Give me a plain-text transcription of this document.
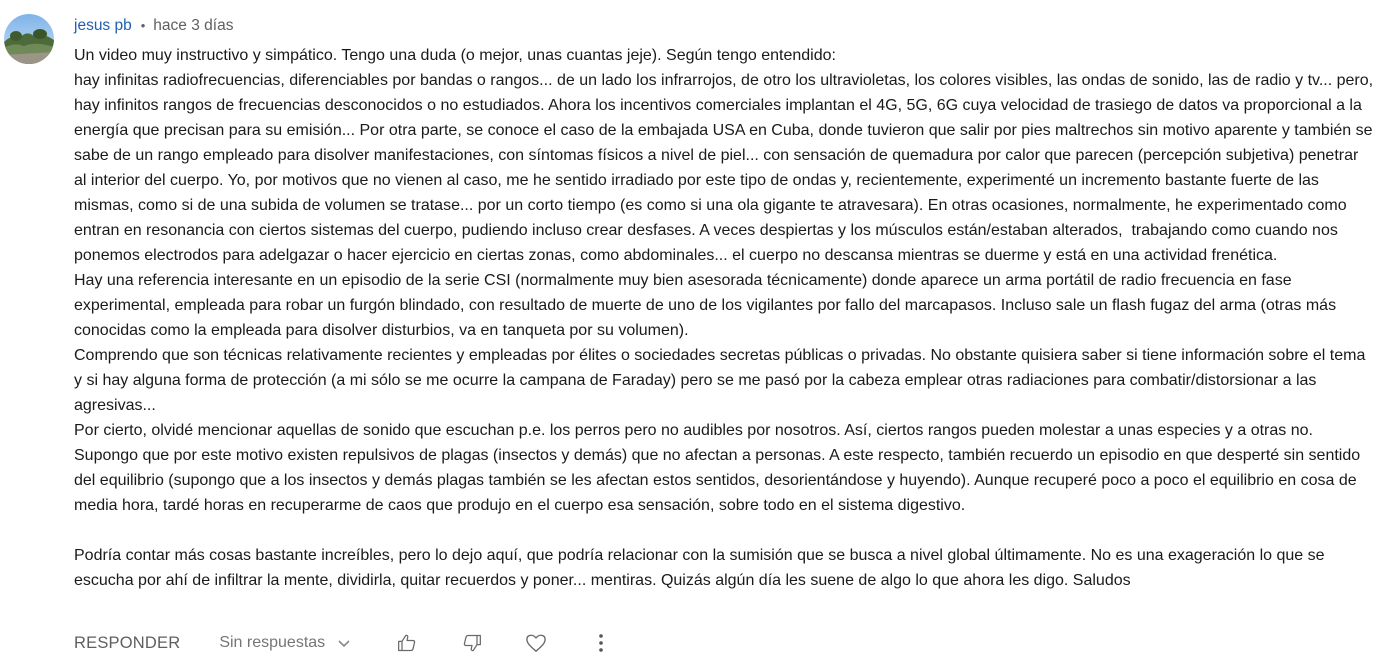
jesus pb • hace 3 días

Un video muy instructivo y simpático. Tengo una duda (o mejor, unas cuantas jeje). Según tengo entendido:

hay infinitas radiofrecuencias, diferenciables por bandas o rangos... de un lado los infrarrojos, de otro los ultravioletas, los colores visibles, las ondas de sonido, las de radio y tv... pero, hay infinitos rangos de frecuencias desconocidos o no estudiados. Ahora los incentivos comerciales implantan el 4G, 5G, 6G cuya velocidad de trasiego de datos va proporcional a la energía que precisan para su emisión... Por otra parte, se conoce el caso de la embajada USA en Cuba, donde tuvieron que salir por pies maltrechos sin motivo aparente y también se sabe de un rango empleado para disolver manifestaciones, con síntomas físicos a nivel de piel... con sensación de quemadura por calor que parecen (percepción subjetiva) penetrar al interior del cuerpo. Yo, por motivos que no vienen al caso, me he sentido irradiado por este tipo de ondas y, recientemente, experimenté un incremento bastante fuerte de las mismas, como si de una subida de volumen se tratase... por un corto tiempo (es como si una ola gigante te atravesara). En otras ocasiones, normalmente, he experimentado como entran en resonancia con ciertos sistemas del cuerpo, pudiendo incluso crear desfases. A veces despiertas y los músculos están/estaban alterados,  trabajando como cuando nos ponemos electrodos para adelgazar o hacer ejercicio en ciertas zonas, como abdominales... el cuerpo no descansa mientras se duerme y está en una actividad frenética.

Hay una referencia interesante en un episodio de la serie CSI (normalmente muy bien asesorada técnicamente) donde aparece un arma portátil de radio frecuencia en fase experimental, empleada para robar un furgón blindado, con resultado de muerte de uno de los vigilantes por fallo del marcapasos. Incluso sale un flash fugaz del arma (otras más conocidas como la empleada para disolver disturbios, va en tanqueta por su volumen).

Comprendo que son técnicas relativamente recientes y empleadas por élites o sociedades secretas públicas o privadas. No obstante quisiera saber si tiene información sobre el tema y si hay alguna forma de protección (a mi sólo se me ocurre la campana de Faraday) pero se me pasó por la cabeza emplear otras radiaciones para combatir/distorsionar a las agresivas...

Por cierto, olvidé mencionar aquellas de sonido que escuchan p.e. los perros pero no audibles por nosotros. Así, ciertos rangos pueden molestar a unas especies y a otras no. Supongo que por este motivo existen repulsivos de plagas (insectos y demás) que no afectan a personas. A este respecto, también recuerdo un episodio en que desperté sin sentido del equilibrio (supongo que a los insectos y demás plagas también se les afectan estos sentidos, desorientándose y huyendo). Aunque recuperé poco a poco el equilibrio en cosa de media hora, tardé horas en recuperarme de caos que produjo en el cuerpo esa sensación, sobre todo en el sistema digestivo.

Podría contar más cosas bastante increíbles, pero lo dejo aquí, que podría relacionar con la sumisión que se busca a nivel global últimamente. No es una exageración lo que se escucha por ahí de infiltrar la mente, dividirla, quitar recuerdos y poner... mentiras. Quizás algún día les suene de algo lo que ahora les digo. Saludos

RESPONDER Sin respuestas
